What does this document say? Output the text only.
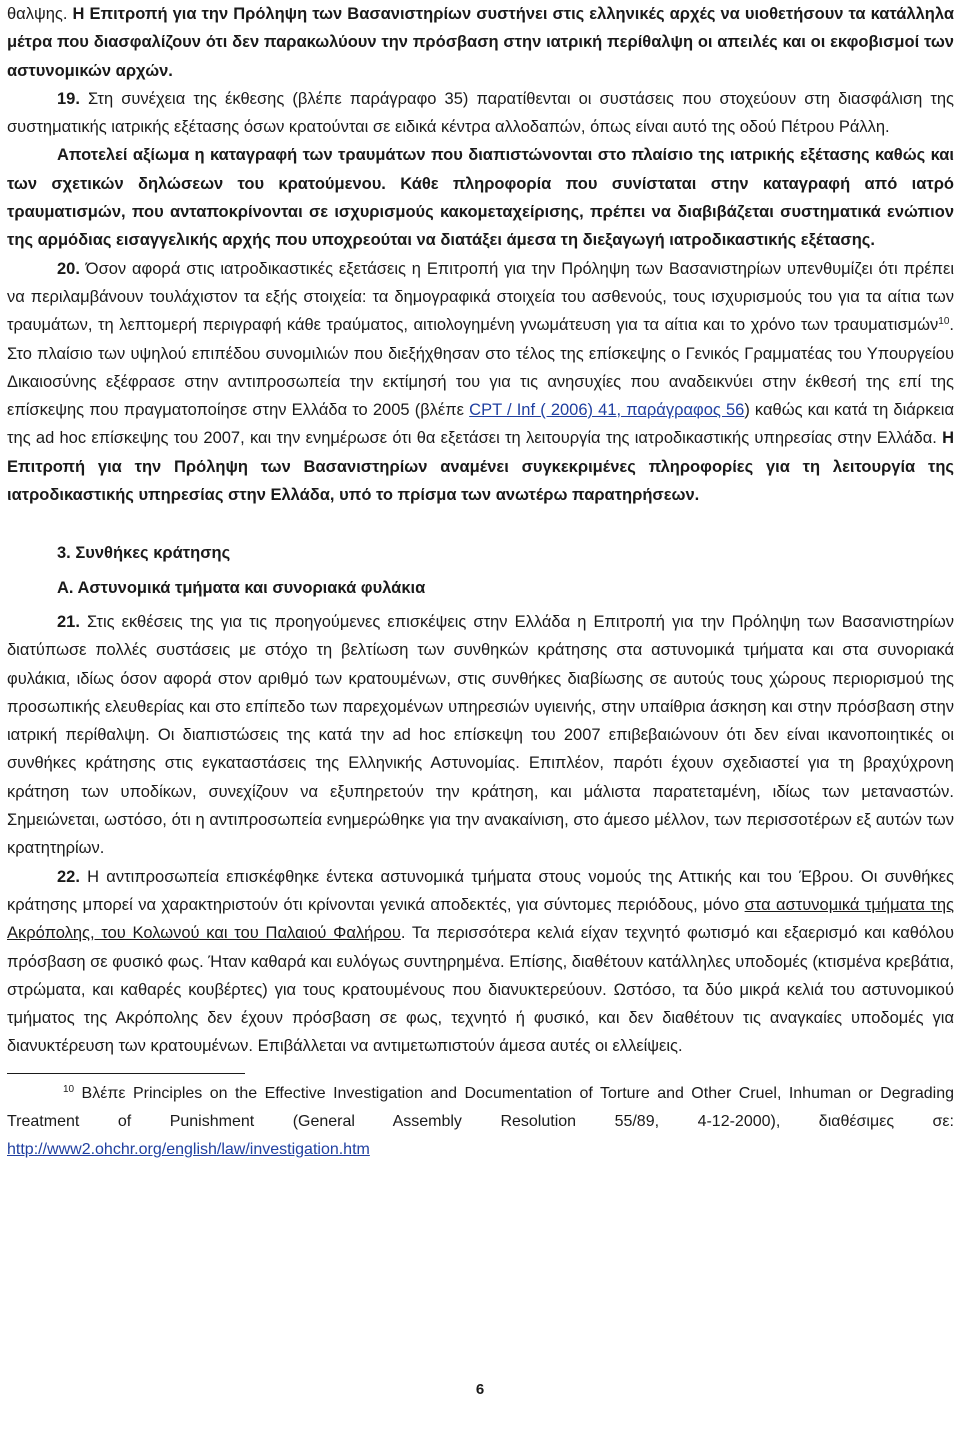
θαλψης. Η Επιτροπή για την Πρόληψη των Βασανιστηρίων συστήνει στις ελληνικές αρχές να υιοθετήσουν τα κατάλληλα μέτρα που διασφαλίζουν ότι δεν παρακωλύουν την πρόσβαση στην ιατρική περίθαλψη οι απειλές και οι εκφοβισμοί των αστυνομικών αρχών.

19. Στη συνέχεια της έκθεσης (βλέπε παράγραφο 35) παρατίθενται οι συστάσεις που στοχεύουν στη διασφάλιση της συστηματικής ιατρικής εξέτασης όσων κρατούνται σε ειδικά κέντρα αλλοδαπών, όπως είναι αυτό της οδού Πέτρου Ράλλη.

Αποτελεί αξίωμα η καταγραφή των τραυμάτων που διαπιστώνονται στο πλαίσιο της ιατρικής εξέτασης καθώς και των σχετικών δηλώσεων του κρατούμενου. Κάθε πληροφορία που συνίσταται στην καταγραφή από ιατρό τραυματισμών, που ανταποκρίνονται σε ισχυρισμούς κακομεταχείρισης, πρέπει να διαβιβάζεται συστηματικά ενώπιον της αρμόδιας εισαγγελικής αρχής που υποχρεούται να διατάξει άμεσα τη διεξαγωγή ιατροδικαστικής εξέτασης.

20. Όσον αφορά στις ιατροδικαστικές εξετάσεις η Επιτροπή για την Πρόληψη των Βασανιστηρίων υπενθυμίζει ότι πρέπει να περιλαμβάνουν τουλάχιστον τα εξής στοιχεία: τα δημογραφικά στοιχεία του ασθενούς, τους ισχυρισμούς του για τα αίτια των τραυμάτων, τη λεπτομερή περιγραφή κάθε τραύματος, αιτιολογημένη γνωμάτευση για τα αίτια και το χρόνο των τραυματισμών$^{10}$. Στο πλαίσιο των υψηλού επιπέδου συνομιλιών που διεξήχθησαν στο τέλος της επίσκεψης ο Γενικός Γραμματέας του Υπουργείου Δικαιοσύνης εξέφρασε στην αντιπροσωπεία την εκτίμησή του για τις ανησυχίες που αναδεικνύει στην έκθεσή της επί της επίσκεψης που πραγματοποίησε στην Ελλάδα το 2005 (βλέπε CPT / Inf ( 2006) 41, παράγραφος 56) καθώς και κατά τη διάρκεια της ad hoc επίσκεψης του 2007, και την ενημέρωσε ότι θα εξετάσει τη λειτουργία της ιατροδικαστικής υπηρεσίας στην Ελλάδα. Η Επιτροπή για την Πρόληψη των Βασανιστηρίων αναμένει συγκεκριμένες πληροφορίες για τη λειτουργία της ιατροδικαστικής υπηρεσίας στην Ελλάδα, υπό το πρίσμα των ανωτέρω παρατηρήσεων.

3. Συνθήκες κράτησης
Α. Αστυνομικά τμήματα και συνοριακά φυλάκια

21. Στις εκθέσεις της για τις προηγούμενες επισκέψεις στην Ελλάδα η Επιτροπή για την Πρόληψη των Βασανιστηρίων διατύπωσε πολλές συστάσεις με στόχο τη βελτίωση των συνθηκών κράτησης στα αστυνομικά τμήματα και στα συνοριακά φυλάκια, ιδίως όσον αφορά στον αριθμό των κρατουμένων, στις συνθήκες διαβίωσης σε αυτούς τους χώρους περιορισμού της προσωπικής ελευθερίας και στο επίπεδο των παρεχομένων υπηρεσιών υγιεινής, στην υπαίθρια άσκηση και στην πρόσβαση στην ιατρική περίθαλψη. Οι διαπιστώσεις της κατά την ad hoc επίσκεψη του 2007 επιβεβαιώνουν ότι δεν είναι ικανοποιητικές οι συνθήκες κράτησης στις εγκαταστάσεις της Ελληνικής Αστυνομίας. Επιπλέον, παρότι έχουν σχεδιαστεί για τη βραχύχρονη κράτηση των υποδίκων, συνεχίζουν να εξυπηρετούν την κράτηση, και μάλιστα παρατεταμένη, ιδίως των μεταναστών. Σημειώνεται, ωστόσο, ότι η αντιπροσωπεία ενημερώθηκε για την ανακαίνιση, στο άμεσο μέλλον, των περισσοτέρων εξ αυτών των κρατητηρίων.

22. Η αντιπροσωπεία επισκέφθηκε έντεκα αστυνομικά τμήματα στους νομούς της Αττικής και του Έβρου. Οι συνθήκες κράτησης μπορεί να χαρακτηριστούν ότι κρίνονται γενικά αποδεκτές, για σύντομες περιόδους, μόνο στα αστυνομικά τμήματα της Ακρόπολης, του Κολωνού και του Παλαιού Φαλήρου. Τα περισσότερα κελιά είχαν τεχνητό φωτισμό και εξαερισμό και καθόλου πρόσβαση σε φυσικό φως. Ήταν καθαρά και ευλόγως συντηρημένα. Επίσης, διαθέτουν κατάλληλες υποδομές (κτισμένα κρεβάτια, στρώματα, και καθαρές κουβέρτες) για τους κρατουμένους που διανυκτερεύουν. Ωστόσο, τα δύο μικρά κελιά του αστυνομικού τμήματος της Ακρόπολης δεν έχουν πρόσβαση σε φως, τεχνητό ή φυσικό, και δεν διαθέτουν τις αναγκαίες υποδομές για διανυκτέρευση των κρατουμένων. Επιβάλλεται να αντιμετωπιστούν άμεσα αυτές οι ελλείψεις.

$^{10}$ Βλέπε Principles on the Effective Investigation and Documentation of Torture and Other Cruel, Inhuman or Degrading Treatment of Punishment (General Assembly Resolution 55/89, 4-12-2000), διαθέσιμες σε: http://www2.ohchr.org/english/law/investigation.htm

6
